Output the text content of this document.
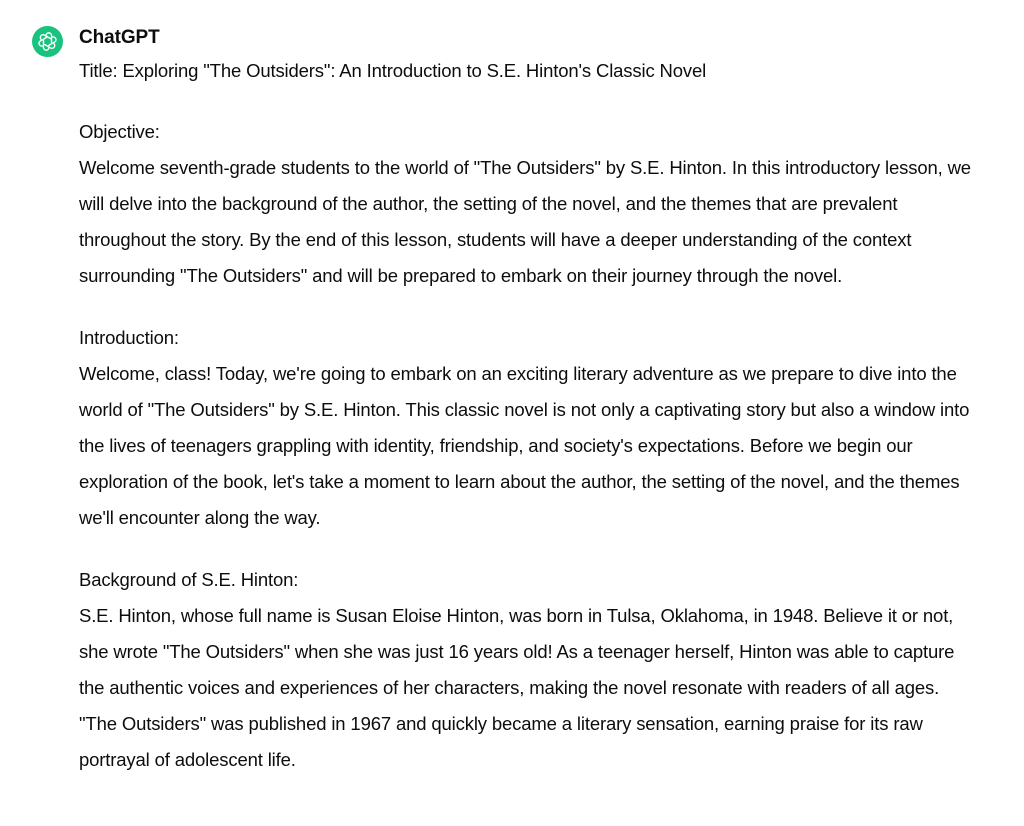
ChatGPT
Title: Exploring "The Outsiders": An Introduction to S.E. Hinton's Classic Novel

Objective:

Welcome seventh-grade students to the world of "The Outsiders" by S.E. Hinton. In this introductory lesson, we will delve into the background of the author, the setting of the novel, and the themes that are prevalent throughout the story. By the end of this lesson, students will have a deeper understanding of the context surrounding "The Outsiders" and will be prepared to embark on their journey through the novel.

Introduction:

Welcome, class! Today, we're going to embark on an exciting literary adventure as we prepare to dive into the world of "The Outsiders" by S.E. Hinton. This classic novel is not only a captivating story but also a window into the lives of teenagers grappling with identity, friendship, and society's expectations. Before we begin our exploration of the book, let's take a moment to learn about the author, the setting of the novel, and the themes we'll encounter along the way.

Background of S.E. Hinton:

S.E. Hinton, whose full name is Susan Eloise Hinton, was born in Tulsa, Oklahoma, in 1948. Believe it or not, she wrote "The Outsiders" when she was just 16 years old! As a teenager herself, Hinton was able to capture the authentic voices and experiences of her characters, making the novel resonate with readers of all ages. "The Outsiders" was published in 1967 and quickly became a literary sensation, earning praise for its raw portrayal of adolescent life.
